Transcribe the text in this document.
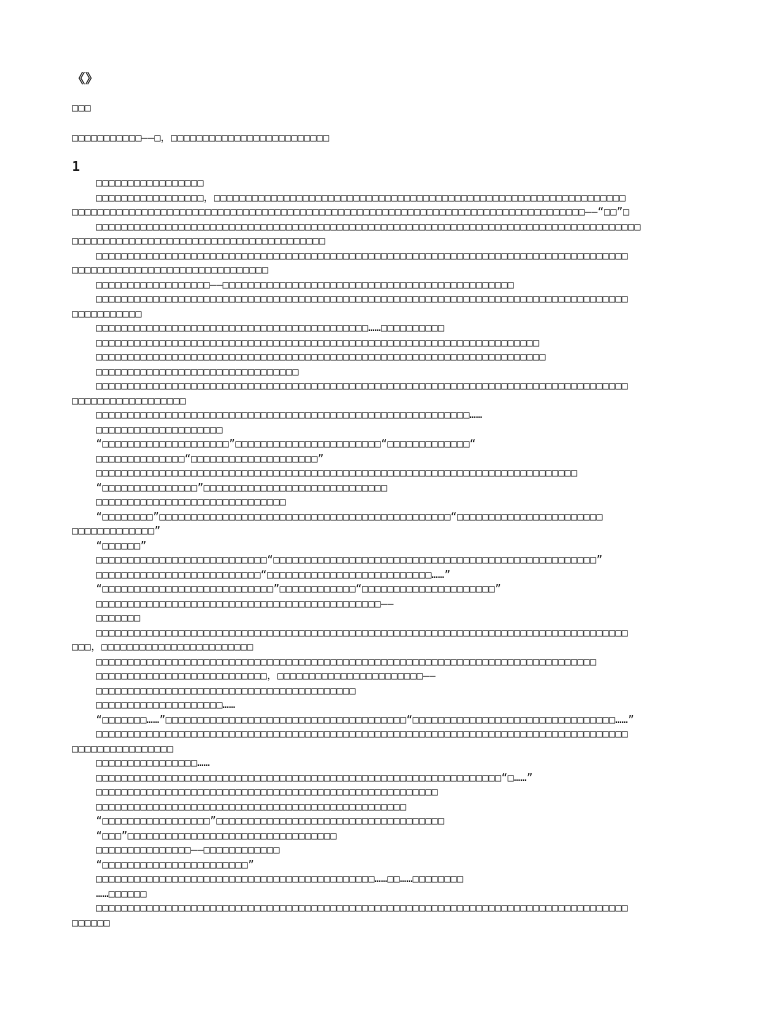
《》
□□□
□□□□□□□□□□□——□，□□□□□□□□□□□□□□□□□□□□□□□□□
1
□□□□□□□□□□□□□□□□□
□□□□□□□□□□□□□□□□□，□□□□□□□□□□□□□□□□□□□□□□□□□□□□□□□□□□□□□□□□□□□□□□□□□□□□□□□□□□□□□□□□□
□□□□□□□□□□□□□□□□□□□□□□□□□□□□□□□□□□□□□□□□□□□□□□□□□□□□□□□□□□□□□□□□□□□□□□□□□□□□□□□□□——“□□”□
□□□□□□□□□□□□□□□□□□□□□□□□□□□□□□□□□□□□□□□□□□□□□□□□□□□□□□□□□□□□□□□□□□□□□□□□□□□□□□□□□□□□□□
□□□□□□□□□□□□□□□□□□□□□□□□□□□□□□□□□□□□□□□□
□□□□□□□□□□□□□□□□□□□□□□□□□□□□□□□□□□□□□□□□□□□□□□□□□□□□□□□□□□□□□□□□□□□□□□□□□□□□□□□□□□□□
□□□□□□□□□□□□□□□□□□□□□□□□□□□□□□□
□□□□□□□□□□□□□□□□□□——□□□□□□□□□□□□□□□□□□□□□□□□□□□□□□□□□□□□□□□□□□□□□□
□□□□□□□□□□□□□□□□□□□□□□□□□□□□□□□□□□□□□□□□□□□□□□□□□□□□□□□□□□□□□□□□□□□□□□□□□□□□□□□□□□□□
□□□□□□□□□□□
□□□□□□□□□□□□□□□□□□□□□□□□□□□□□□□□□□□□□□□□□□□……□□□□□□□□□□
□□□□□□□□□□□□□□□□□□□□□□□□□□□□□□□□□□□□□□□□□□□□□□□□□□□□□□□□□□□□□□□□□□□□□□
□□□□□□□□□□□□□□□□□□□□□□□□□□□□□□□□□□□□□□□□□□□□□□□□□□□□□□□□□□□□□□□□□□□□□□□
□□□□□□□□□□□□□□□□□□□□□□□□□□□□□□□□
□□□□□□□□□□□□□□□□□□□□□□□□□□□□□□□□□□□□□□□□□□□□□□□□□□□□□□□□□□□□□□□□□□□□□□□□□□□□□□□□□□□□
□□□□□□□□□□□□□□□□□□
□□□□□□□□□□□□□□□□□□□□□□□□□□□□□□□□□□□□□□□□□□□□□□□□□□□□□□□□□□□……
□□□□□□□□□□□□□□□□□□□□
“□□□□□□□□□□□□□□□□□□□□”□□□□□□□□□□□□□□□□□□□□□□□“□□□□□□□□□□□□□“
□□□□□□□□□□□□□□“□□□□□□□□□□□□□□□□□□□□”
□□□□□□□□□□□□□□□□□□□□□□□□□□□□□□□□□□□□□□□□□□□□□□□□□□□□□□□□□□□□□□□□□□□□□□□□□□□□
“□□□□□□□□□□□□□□□”□□□□□□□□□□□□□□□□□□□□□□□□□□□□□
□□□□□□□□□□□□□□□□□□□□□□□□□□□□□□
“□□□□□□□□”□□□□□□□□□□□□□□□□□□□□□□□□□□□□□□□□□□□□□□□□□□□□□□“□□□□□□□□□□□□□□□□□□□□□□□
□□□□□□□□□□□□□”
“□□□□□□”
□□□□□□□□□□□□□□□□□□□□□□□□□□□“□□□□□□□□□□□□□□□□□□□□□□□□□□□□□□□□□□□□□□□□□□□□□□□□□□□”
□□□□□□□□□□□□□□□□□□□□□□□□□□“□□□□□□□□□□□□□□□□□□□□□□□□□□……”
“□□□□□□□□□□□□□□□□□□□□□□□□□□□”□□□□□□□□□□□□“□□□□□□□□□□□□□□□□□□□□□”
□□□□□□□□□□□□□□□□□□□□□□□□□□□□□□□□□□□□□□□□□□□□□——
□□□□□□□
□□□□□□□□□□□□□□□□□□□□□□□□□□□□□□□□□□□□□□□□□□□□□□□□□□□□□□□□□□□□□□□□□□□□□□□□□□□□□□□□□□□□
□□□，□□□□□□□□□□□□□□□□□□□□□□□□
□□□□□□□□□□□□□□□□□□□□□□□□□□□□□□□□□□□□□□□□□□□□□□□□□□□□□□□□□□□□□□□□□□□□□□□□□□□□□□□
□□□□□□□□□□□□□□□□□□□□□□□□□□□，□□□□□□□□□□□□□□□□□□□□□□□——
□□□□□□□□□□□□□□□□□□□□□□□□□□□□□□□□□□□□□□□□□
□□□□□□□□□□□□□□□□□□□□……
“□□□□□□□……”□□□□□□□□□□□□□□□□□□□□□□□□□□□□□□□□□□□□□□“□□□□□□□□□□□□□□□□□□□□□□□□□□□□□□□□……”
□□□□□□□□□□□□□□□□□□□□□□□□□□□□□□□□□□□□□□□□□□□□□□□□□□□□□□□□□□□□□□□□□□□□□□□□□□□□□□□□□□□□
□□□□□□□□□□□□□□□□
□□□□□□□□□□□□□□□□……
□□□□□□□□□□□□□□□□□□□□□□□□□□□□□□□□□□□□□□□□□□□□□□□□□□□□□□□□□□□□□□□□“□……”
□□□□□□□□□□□□□□□□□□□□□□□□□□□□□□□□□□□□□□□□□□□□□□□□□□□□□□
□□□□□□□□□□□□□□□□□□□□□□□□□□□□□□□□□□□□□□□□□□□□□□□□□
“□□□□□□□□□□□□□□□□□”□□□□□□□□□□□□□□□□□□□□□□□□□□□□□□□□□□□□
“□□□”□□□□□□□□□□□□□□□□□□□□□□□□□□□□□□□□□
□□□□□□□□□□□□□□□——□□□□□□□□□□□□
“□□□□□□□□□□□□□□□□□□□□□□□”
□□□□□□□□□□□□□□□□□□□□□□□□□□□□□□□□□□□□□□□□□□□□……□□……□□□□□□□□
……□□□□□□
□□□□□□□□□□□□□□□□□□□□□□□□□□□□□□□□□□□□□□□□□□□□□□□□□□□□□□□□□□□□□□□□□□□□□□□□□□□□□□□□□□□□
□□□□□□
